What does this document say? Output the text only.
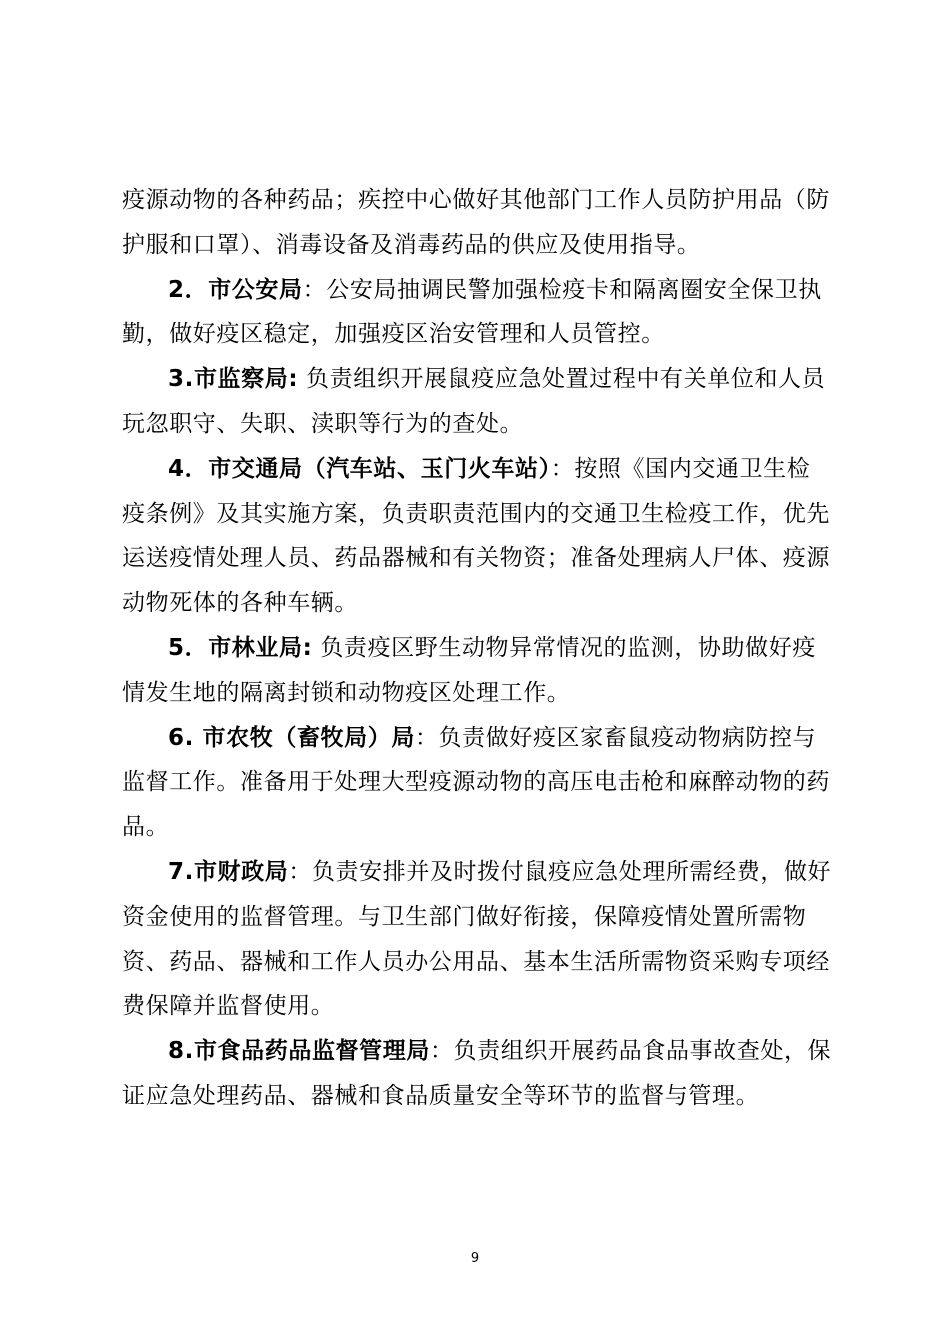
疫源动物的各种药品；疾控中心做好其他部门工作人员防护用品（防护服和口罩）、消毒设备及消毒药品的供应及使用指导。

2．市公安局：公安局抽调民警加强检疫卡和隔离圈安全保卫执勤，做好疫区稳定，加强疫区治安管理和人员管控。

3.市监察局: 负责组织开展鼠疫应急处置过程中有关单位和人员玩忽职守、失职、渎职等行为的查处。

4．市交通局（汽车站、玉门火车站）：按照《国内交通卫生检疫条例》及其实施方案，负责职责范围内的交通卫生检疫工作，优先运送疫情处理人员、药品器械和有关物资；准备处理病人尸体、疫源动物死体的各种车辆。

5．市林业局: 负责疫区野生动物异常情况的监测，协助做好疫情发生地的隔离封锁和动物疫区处理工作。

6. 市农牧（畜牧局）局：负责做好疫区家畜鼠疫动物病防控与监督工作。准备用于处理大型疫源动物的高压电击枪和麻醉动物的药品。

7.市财政局：负责安排并及时拨付鼠疫应急处理所需经费，做好资金使用的监督管理。与卫生部门做好衔接，保障疫情处置所需物资、药品、器械和工作人员办公用品、基本生活所需物资采购专项经费保障并监督使用。

8.市食品药品监督管理局：负责组织开展药品食品事故查处，保证应急处理药品、器械和食品质量安全等环节的监督与管理。

9
